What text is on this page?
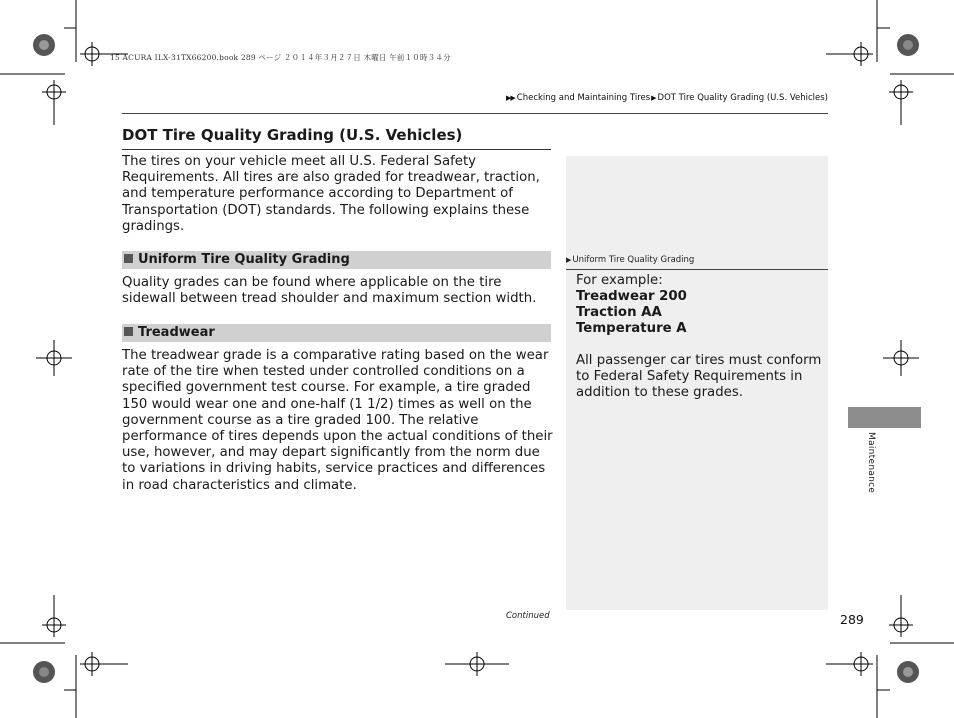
15 ACURA ILX-31TX66200.book 289 ページ ２０１４年３月２７日 木曜日 午前１０時３４分
▶▶ Checking and Maintaining Tires▶DOT Tire Quality Grading (U.S. Vehicles)
DOT Tire Quality Grading (U.S. Vehicles)
The tires on your vehicle meet all U.S. Federal Safety Requirements. All tires are also graded for treadwear, traction, and temperature performance according to Department of Transportation (DOT) standards. The following explains these gradings.
Uniform Tire Quality Grading
Quality grades can be found where applicable on the tire sidewall between tread shoulder and maximum section width.
Treadwear
The treadwear grade is a comparative rating based on the wear rate of the tire when tested under controlled conditions on a specified government test course. For example, a tire graded 150 would wear one and one-half (1 1/2) times as well on the government course as a tire graded 100. The relative performance of tires depends upon the actual conditions of their use, however, and may depart significantly from the norm due to variations in driving habits, service practices and differences in road characteristics and climate.
Continued
▶Uniform Tire Quality Grading
For example:
Treadwear 200
Traction AA
Temperature A
All passenger car tires must conform to Federal Safety Requirements in addition to these grades.
Maintenance
289
